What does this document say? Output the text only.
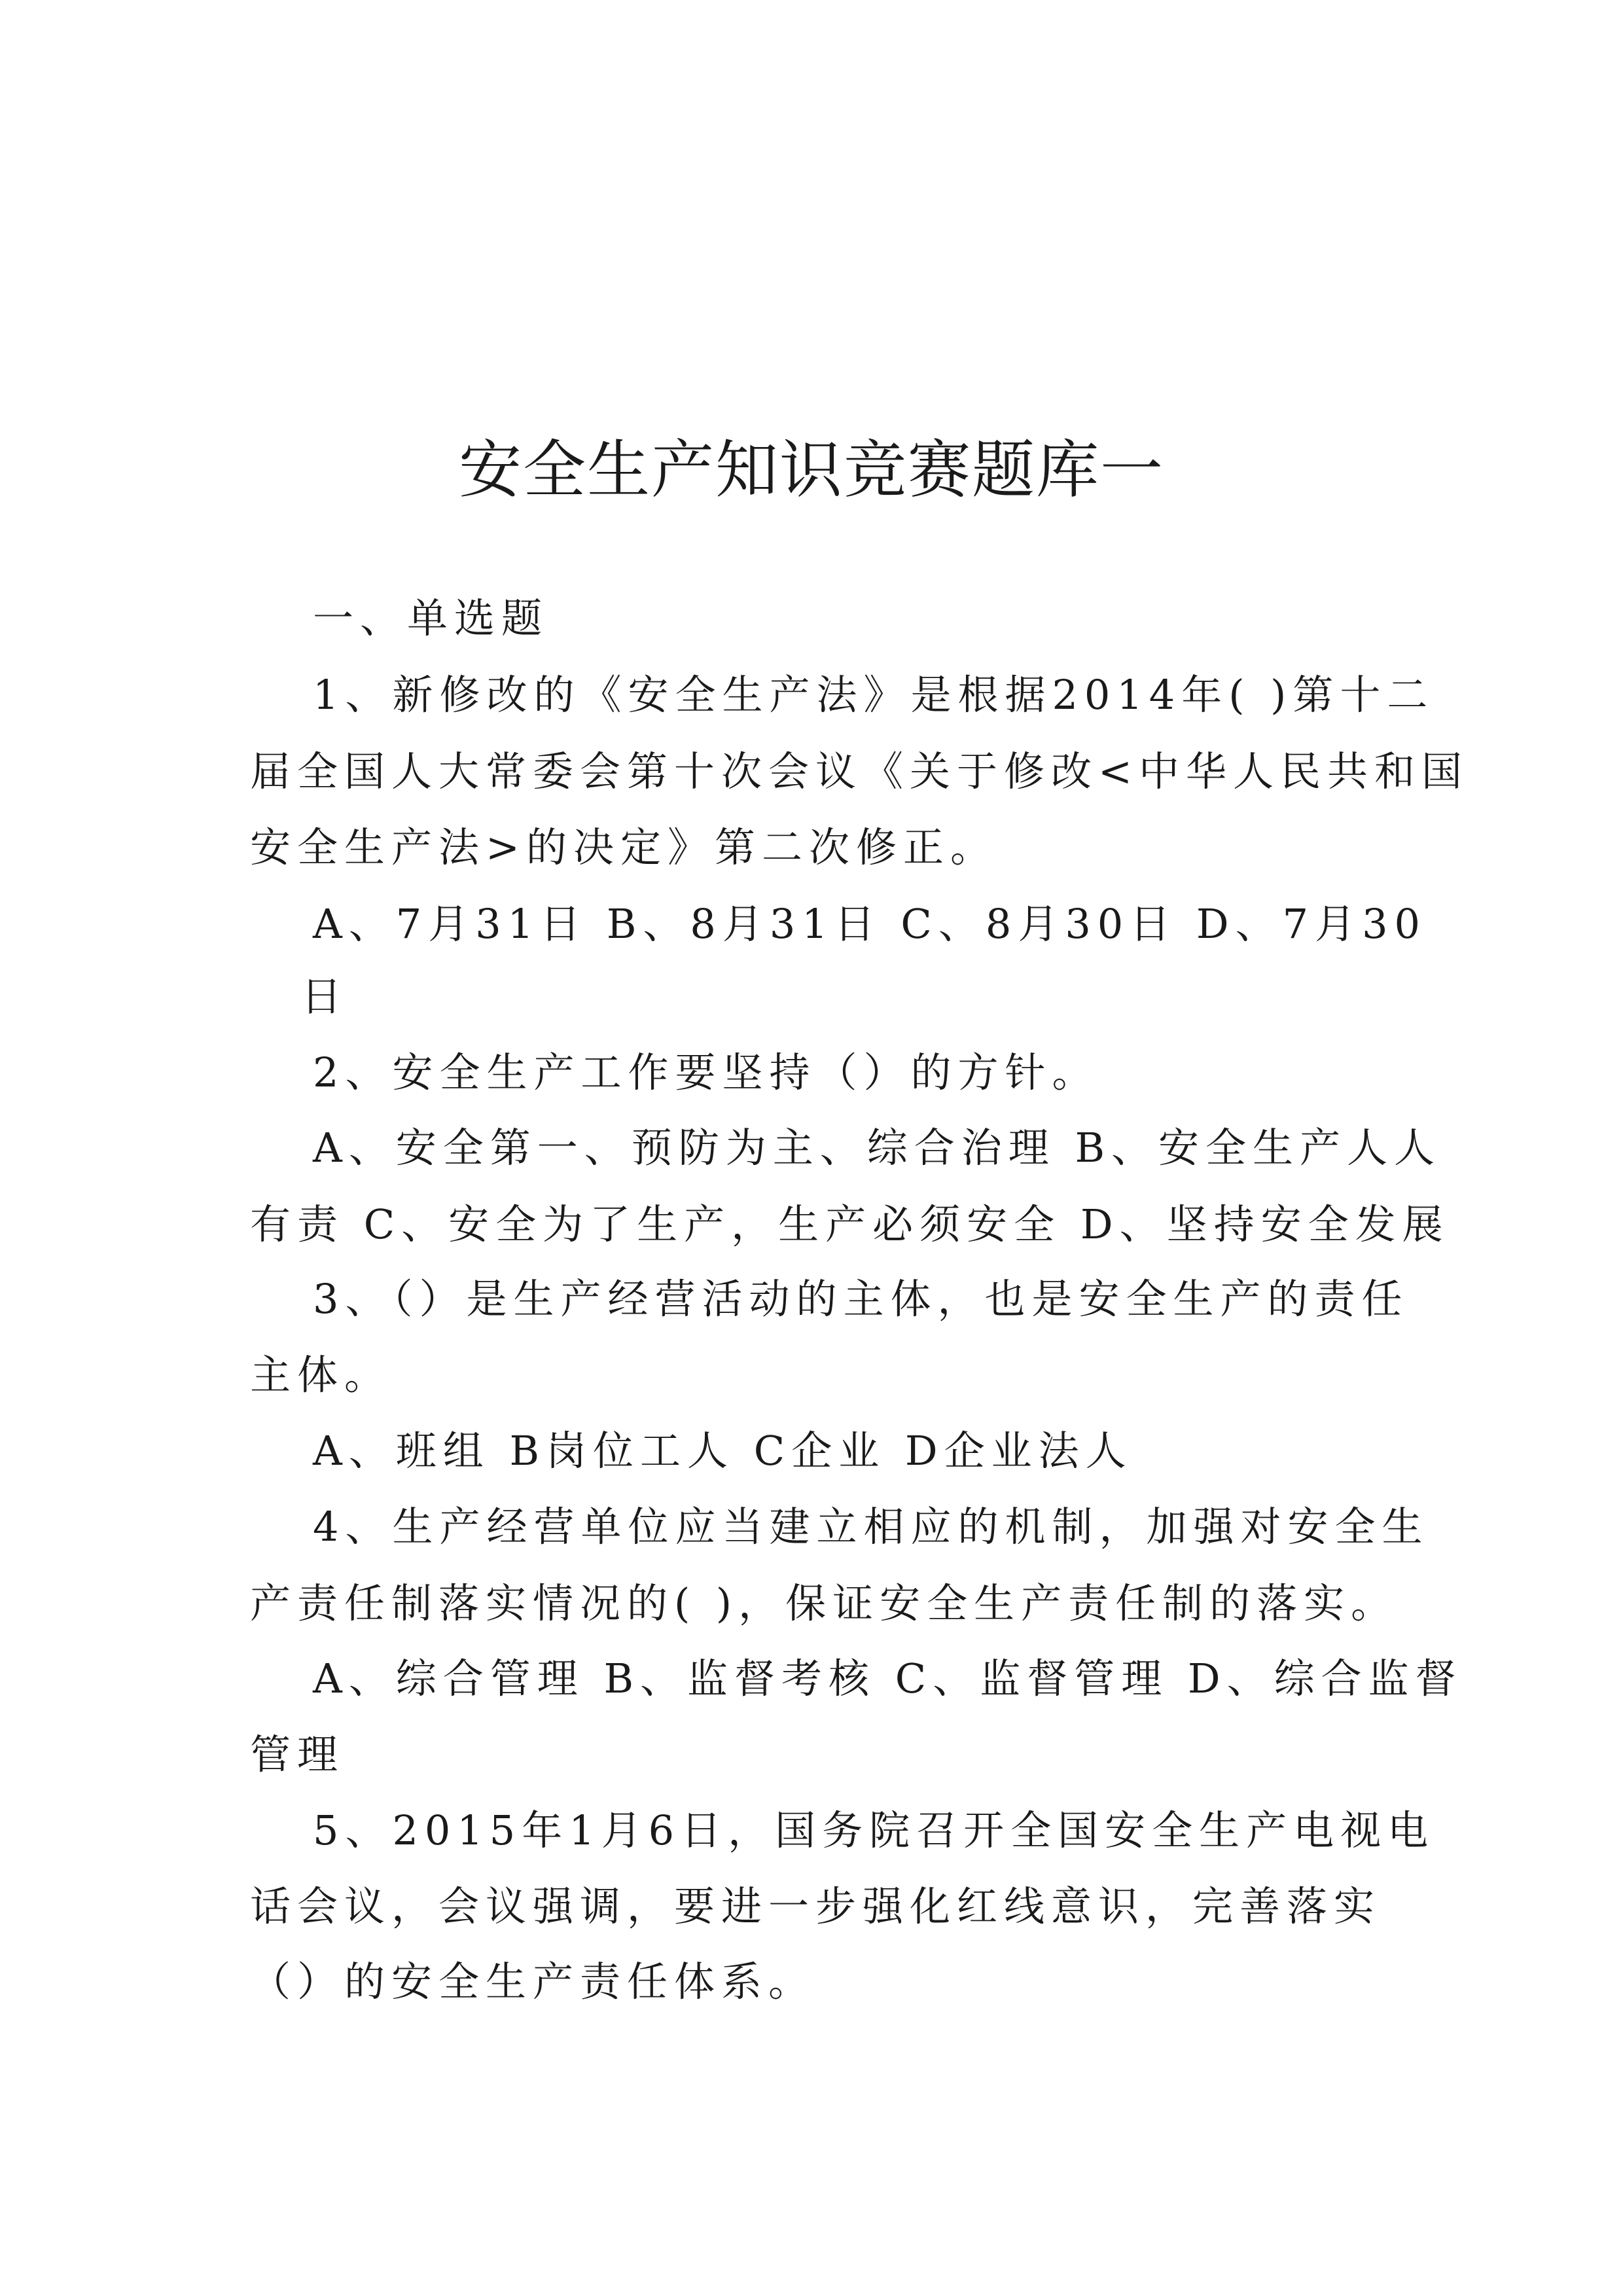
安全生产知识竞赛题库一

一、单选题

1、新修改的《安全生产法》是根据2014年( )第十二

届全国人大常委会第十次会议《关于修改<中华人民共和国

安全生产法>的决定》第二次修正。

A、7月31日 B、8月31日 C、8月30日 D、7月30

日

2、安全生产工作要坚持（）的方针。

A、安全第一、预防为主、综合治理 B、安全生产人人

有责 C、安全为了生产，生产必须安全 D、坚持安全发展

3、（）是生产经营活动的主体，也是安全生产的责任

主体。

A、班组 B岗位工人 C企业 D企业法人

4、生产经营单位应当建立相应的机制，加强对安全生

产责任制落实情况的( )，保证安全生产责任制的落实。

A、综合管理 B、监督考核 C、监督管理 D、综合监督

管理

5、2015年1月6日，国务院召开全国安全生产电视电

话会议，会议强调，要进一步强化红线意识，完善落实

（）的安全生产责任体系。
